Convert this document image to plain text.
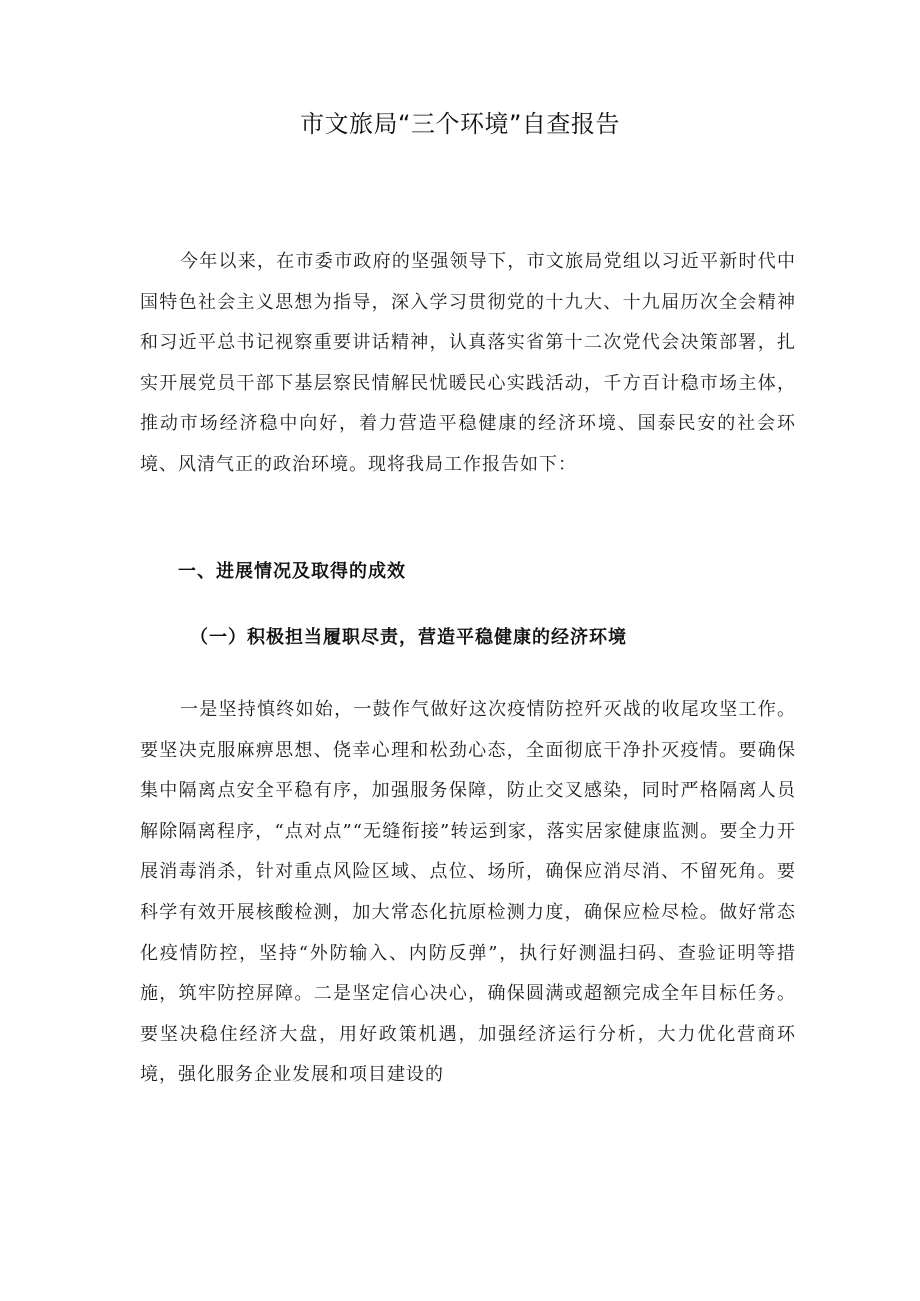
市文旅局“三个环境”自查报告

今年以来，在市委市政府的坚强领导下，市文旅局党组以习近平新时代中国特色社会主义思想为指导，深入学习贯彻党的十九大、十九届历次全会精神和习近平总书记视察重要讲话精神，认真落实省第十二次党代会决策部署，扎实开展党员干部下基层察民情解民忧暖民心实践活动，千方百计稳市场主体，推动市场经济稳中向好，着力营造平稳健康的经济环境、国泰民安的社会环境、风清气正的政治环境。现将我局工作报告如下：

一、进展情况及取得的成效
（一）积极担当履职尽责，营造平稳健康的经济环境

一是坚持慎终如始，一鼓作气做好这次疫情防控歼灭战的收尾攻坚工作。要坚决克服麻痹思想、侥幸心理和松劲心态，全面彻底干净扑灭疫情。要确保集中隔离点安全平稳有序，加强服务保障，防止交叉感染，同时严格隔离人员解除隔离程序，“点对点”“无缝衔接”转运到家，落实居家健康监测。要全力开展消毒消杀，针对重点风险区域、点位、场所，确保应消尽消、不留死角。要科学有效开展核酸检测，加大常态化抗原检测力度，确保应检尽检。做好常态化疫情防控，坚持“外防输入、内防反弹”，执行好测温扫码、查验证明等措施，筑牢防控屏障。二是坚定信心决心，确保圆满或超额完成全年目标任务。要坚决稳住经济大盘，用好政策机遇，加强经济运行分析，大力优化营商环境，强化服务企业发展和项目建设的
